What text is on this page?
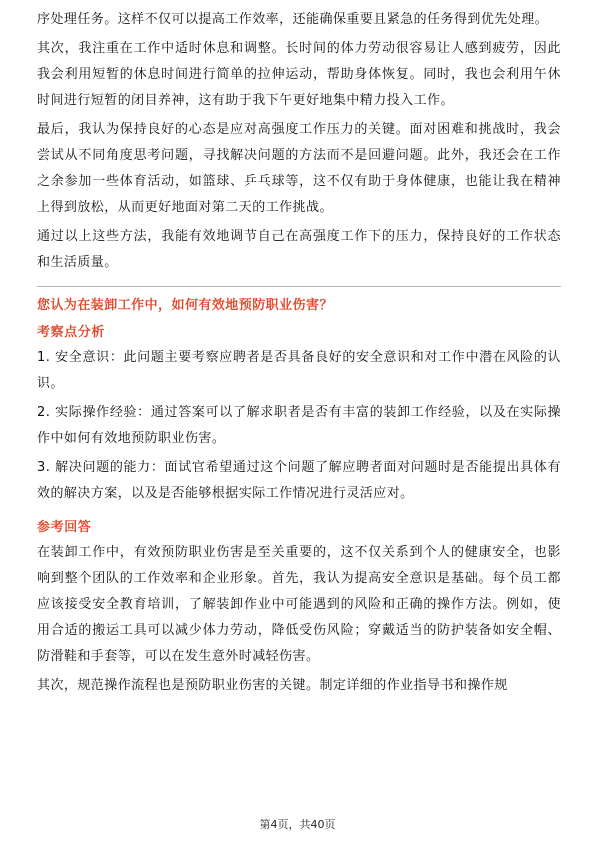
序处理任务。这样不仅可以提高工作效率，还能确保重要且紧急的任务得到优先处理。

其次，我注重在工作中适时休息和调整。长时间的体力劳动很容易让人感到疲劳，因此我会利用短暂的休息时间进行简单的拉伸运动，帮助身体恢复。同时，我也会利用午休时间进行短暂的闭目养神，这有助于我下午更好地集中精力投入工作。

最后，我认为保持良好的心态是应对高强度工作压力的关键。面对困难和挑战时，我会尝试从不同角度思考问题，寻找解决问题的方法而不是回避问题。此外，我还会在工作之余参加一些体育活动，如篮球、乒乓球等，这不仅有助于身体健康，也能让我在精神上得到放松，从而更好地面对第二天的工作挑战。

通过以上这些方法，我能有效地调节自己在高强度工作下的压力，保持良好的工作状态和生活质量。

您认为在装卸工作中，如何有效地预防职业伤害？

考察点分析

1. 安全意识：此问题主要考察应聘者是否具备良好的安全意识和对工作中潜在风险的认识。

2. 实际操作经验：通过答案可以了解求职者是否有丰富的装卸工作经验，以及在实际操作中如何有效地预防职业伤害。

3. 解决问题的能力：面试官希望通过这个问题了解应聘者面对问题时是否能提出具体有效的解决方案，以及是否能够根据实际工作情况进行灵活应对。

参考回答

在装卸工作中，有效预防职业伤害是至关重要的，这不仅关系到个人的健康安全，也影响到整个团队的工作效率和企业形象。首先，我认为提高安全意识是基础。每个员工都应该接受安全教育培训，了解装卸作业中可能遇到的风险和正确的操作方法。例如，使用合适的搬运工具可以减少体力劳动，降低受伤风险；穿戴适当的防护装备如安全帽、防滑鞋和手套等，可以在发生意外时减轻伤害。

其次，规范操作流程也是预防职业伤害的关键。制定详细的作业指导书和操作规

第4页，共40页
